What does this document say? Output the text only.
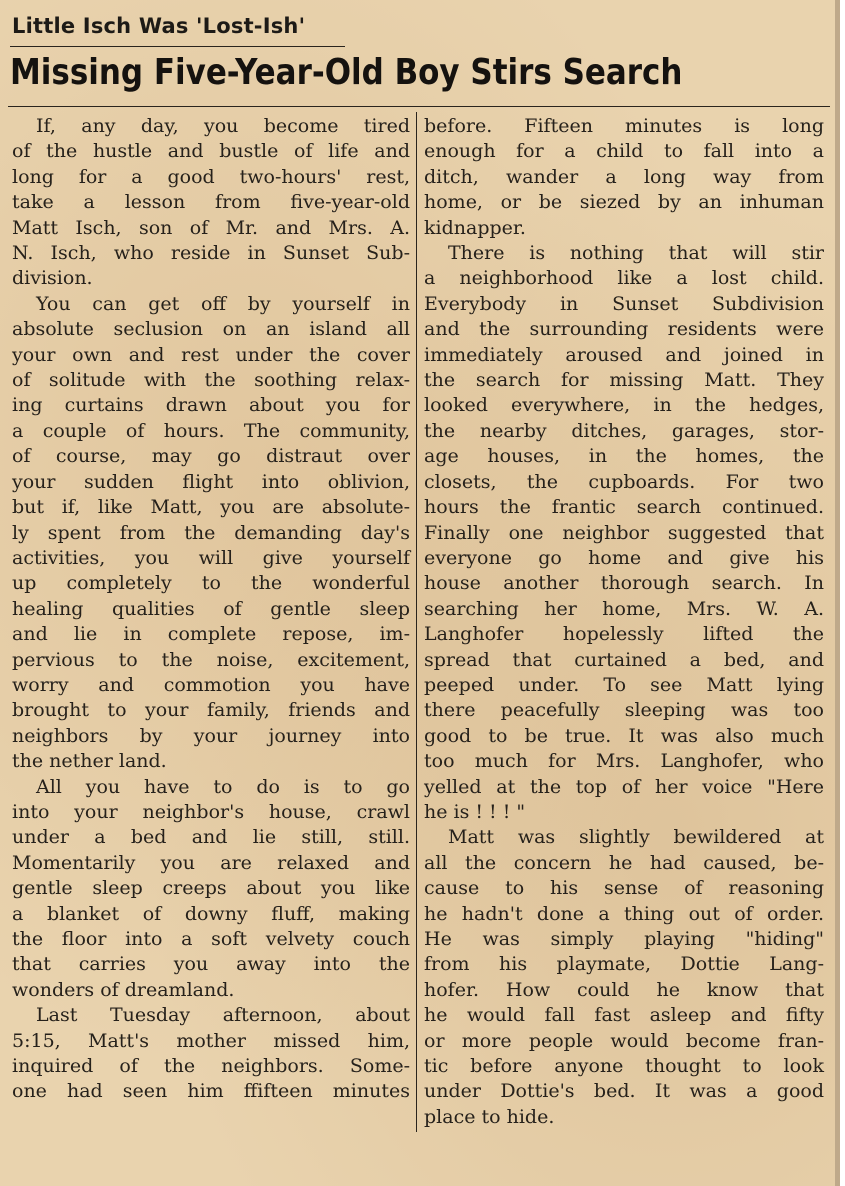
Little Isch Was 'Lost-Ish'
Missing Five-Year-Old Boy Stirs Search
If, any day, you become tired
of the hustle and bustle of life and
long for a good two-hours' rest,
take a lesson from five-year-old
Matt Isch, son of Mr. and Mrs. A.
N. Isch, who reside in Sunset Sub-
division.
You can get off by yourself in
absolute seclusion on an island all
your own and rest under the cover
of solitude with the soothing relax-
ing curtains drawn about you for
a couple of hours. The community,
of course, may go distraut over
your sudden flight into oblivion,
but if, like Matt, you are absolute-
ly spent from the demanding day's
activities, you will give yourself
up completely to the wonderful
healing qualities of gentle sleep
and lie in complete repose, im-
pervious to the noise, excitement,
worry and commotion you have
brought to your family, friends and
neighbors by your journey into
the nether land.
All you have to do is to go
into your neighbor's house, crawl
under a bed and lie still, still.
Momentarily you are relaxed and
gentle sleep creeps about you like
a blanket of downy fluff, making
the floor into a soft velvety couch
that carries you away into the
wonders of dreamland.
Last Tuesday afternoon, about
5:15, Matt's mother missed him,
inquired of the neighbors. Some-
one had seen him ffifteen minutes
before. Fifteen minutes is long
enough for a child to fall into a
ditch, wander a long way from
home, or be siezed by an inhuman
kidnapper.
There is nothing that will stir
a neighborhood like a lost child.
Everybody in Sunset Subdivision
and the surrounding residents were
immediately aroused and joined in
the search for missing Matt. They
looked everywhere, in the hedges,
the nearby ditches, garages, stor-
age houses, in the homes, the
closets, the cupboards. For two
hours the frantic search continued.
Finally one neighbor suggested that
everyone go home and give his
house another thorough search. In
searching her home, Mrs. W. A.
Langhofer hopelessly lifted the
spread that curtained a bed, and
peeped under. To see Matt lying
there peacefully sleeping was too
good to be true. It was also much
too much for Mrs. Langhofer, who
yelled at the top of her voice "Here
he is ! ! ! "
Matt was slightly bewildered at
all the concern he had caused, be-
cause to his sense of reasoning
he hadn't done a thing out of order.
He was simply playing "hiding"
from his playmate, Dottie Lang-
hofer. How could he know that
he would fall fast asleep and fifty
or more people would become fran-
tic before anyone thought to look
under Dottie's bed. It was a good
place to hide.
